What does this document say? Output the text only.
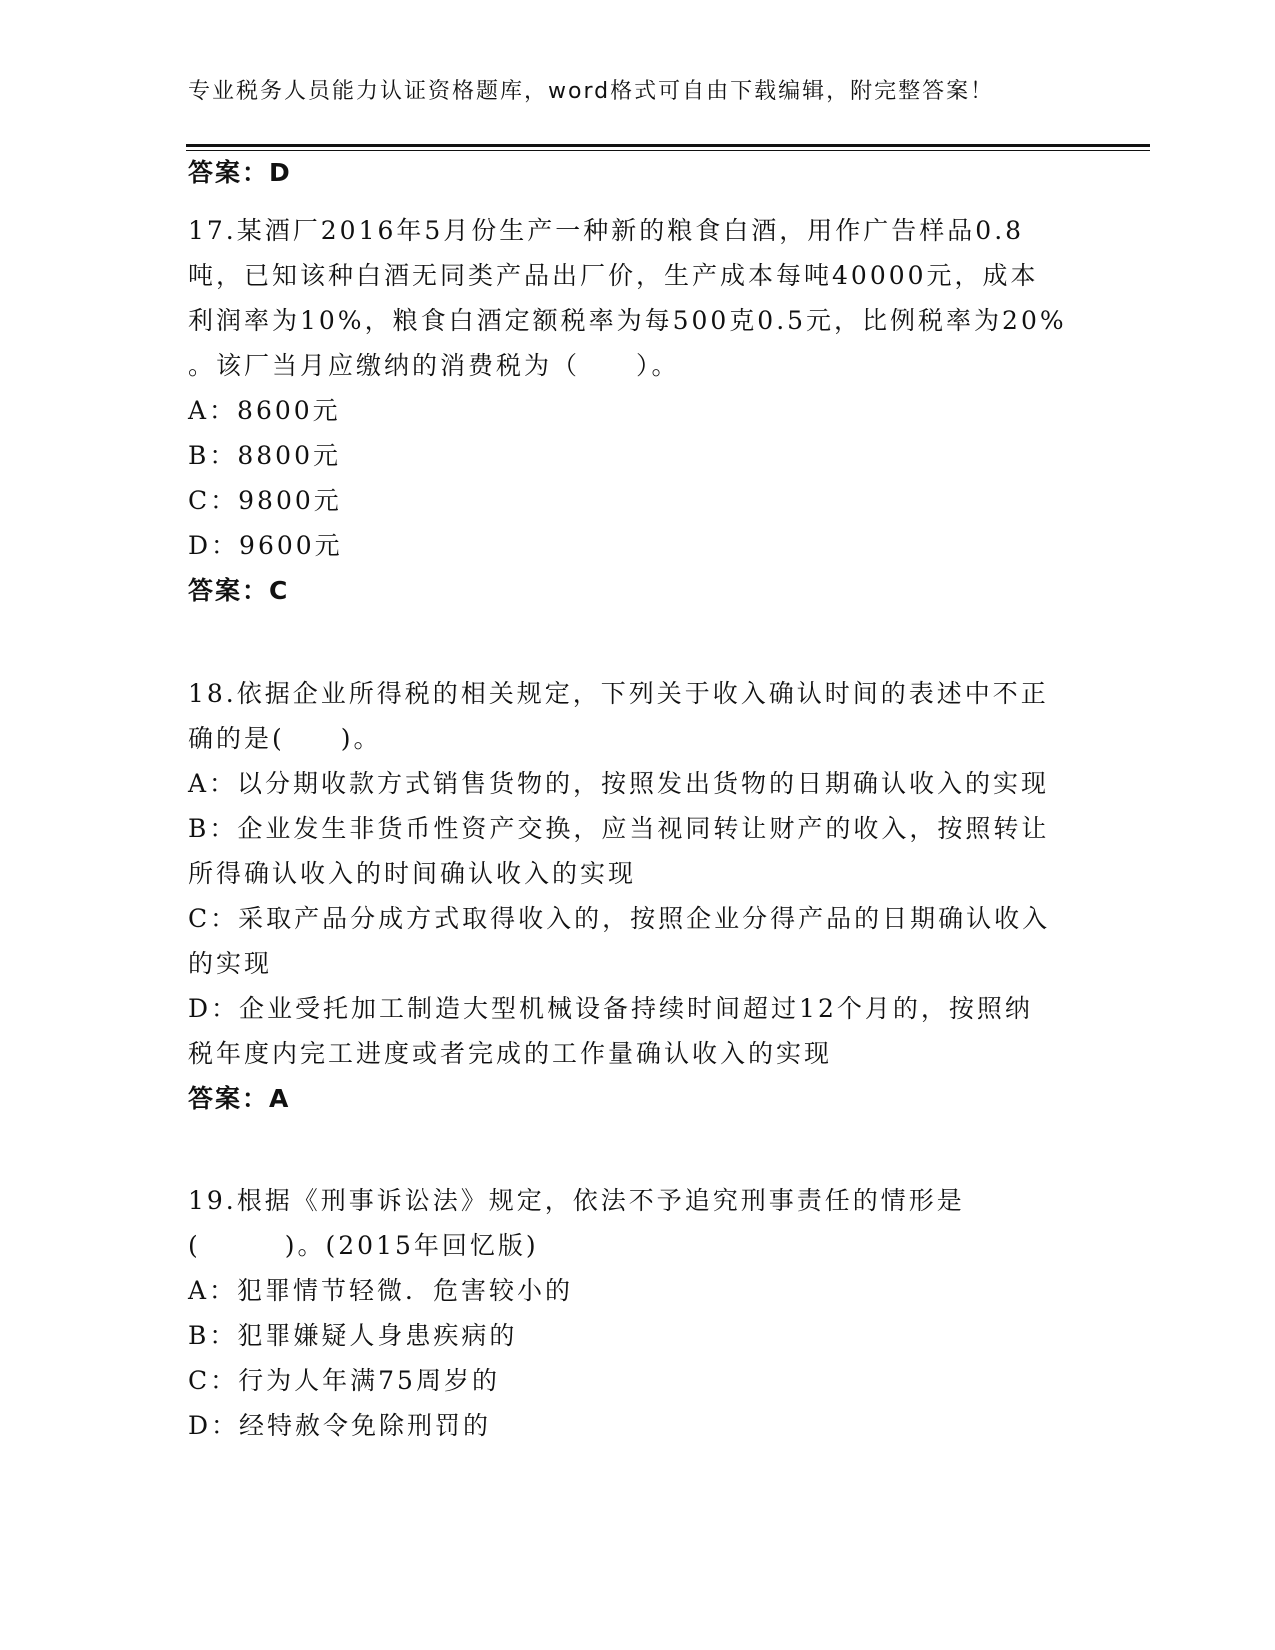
专业税务人员能力认证资格题库，word格式可自由下载编辑，附完整答案！
答案：D
17.某酒厂2016年5月份生产一种新的粮食白酒，用作广告样品0.8
吨，已知该种白酒无同类产品出厂价，生产成本每吨40000元，成本
利润率为10%，粮食白酒定额税率为每500克0.5元，比例税率为20%
。该厂当月应缴纳的消费税为（　　）。
A：8600元
B：8800元
C：9800元
D：9600元
答案：C
18.依据企业所得税的相关规定，下列关于收入确认时间的表述中不正
确的是(　　)。
A：以分期收款方式销售货物的，按照发出货物的日期确认收入的实现
B：企业发生非货币性资产交换，应当视同转让财产的收入，按照转让
所得确认收入的时间确认收入的实现
C：采取产品分成方式取得收入的，按照企业分得产品的日期确认收入
的实现
D：企业受托加工制造大型机械设备持续时间超过12个月的，按照纳
税年度内完工进度或者完成的工作量确认收入的实现
答案：A
19.根据《刑事诉讼法》规定，依法不予追究刑事责任的情形是
(　　　)。(2015年回忆版)
A：犯罪情节轻微．危害较小的
B：犯罪嫌疑人身患疾病的
C：行为人年满75周岁的
D：经特赦令免除刑罚的
